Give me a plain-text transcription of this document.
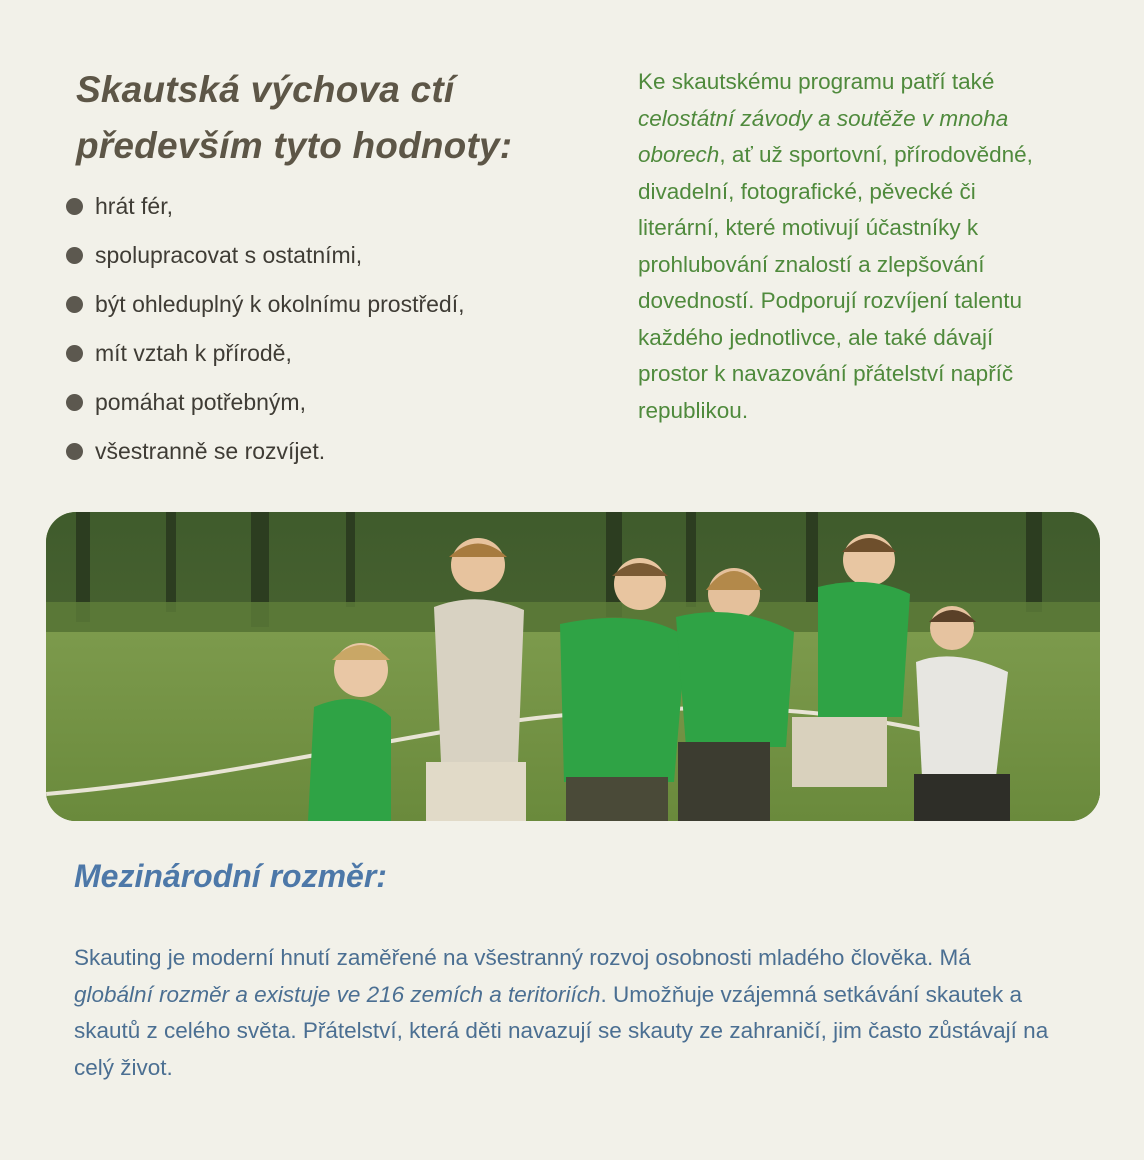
Skautská výchova ctí
především tyto hodnoty:
hrát fér,
spolupracovat s ostatními,
být ohleduplný k okolnímu prostředí,
mít vztah k přírodě,
pomáhat potřebným,
všestranně se rozvíjet.

Ke skautskému programu patří také celostátní závody a soutěže v mnoha oborech, ať už sportovní, přírodovědné, divadelní, fotografické, pěvecké či literární, které motivují účastníky k prohlubování znalostí a zlepšování dovedností. Podporují rozvíjení talentu každého jednotlivce, ale také dávají prostor k navazování přátelství napříč republikou.

Mezinárodní rozměr:

Skauting je moderní hnutí zaměřené na všestranný rozvoj osobnosti mladého člověka. Má globální rozměr a existuje ve 216 zemích a teritoriích. Umožňuje vzájemná setkávání skautek a skautů z celého světa. Přátelství, která děti navazují se skauty ze zahraničí, jim často zůstávají na celý život.
